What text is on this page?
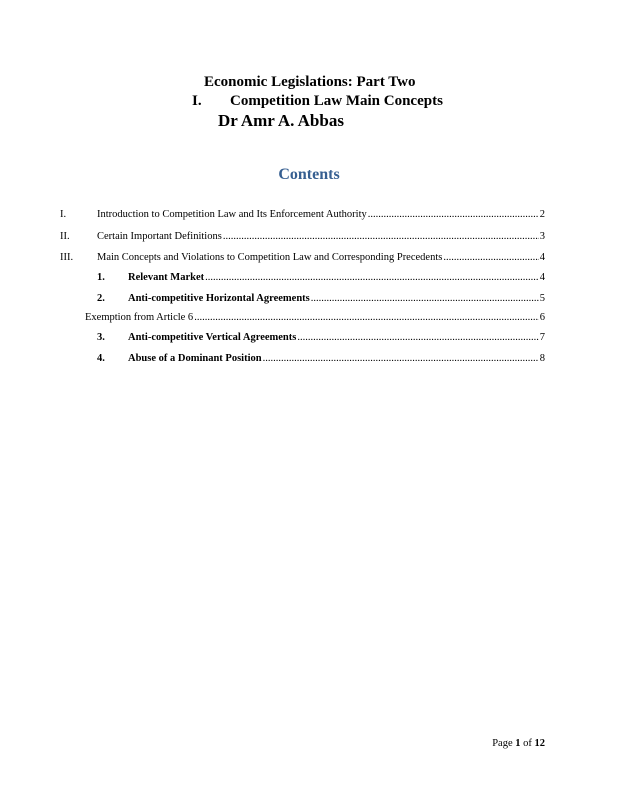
Economic Legislations: Part Two
I. Competition Law Main Concepts
Dr Amr A. Abbas
Contents
I.	Introduction to Competition Law and Its Enforcement Authority .....	2
II.	Certain Important Definitions .....	3
III.	Main Concepts and Violations to Competition Law and Corresponding Precedents .....	4
1.	Relevant Market .....	4
2.	Anti-competitive Horizontal Agreements .....	5
Exemption from Article 6 .....	6
3.	Anti-competitive Vertical Agreements .....	7
4.	Abuse of a Dominant Position .....	8
Page 1 of 12
